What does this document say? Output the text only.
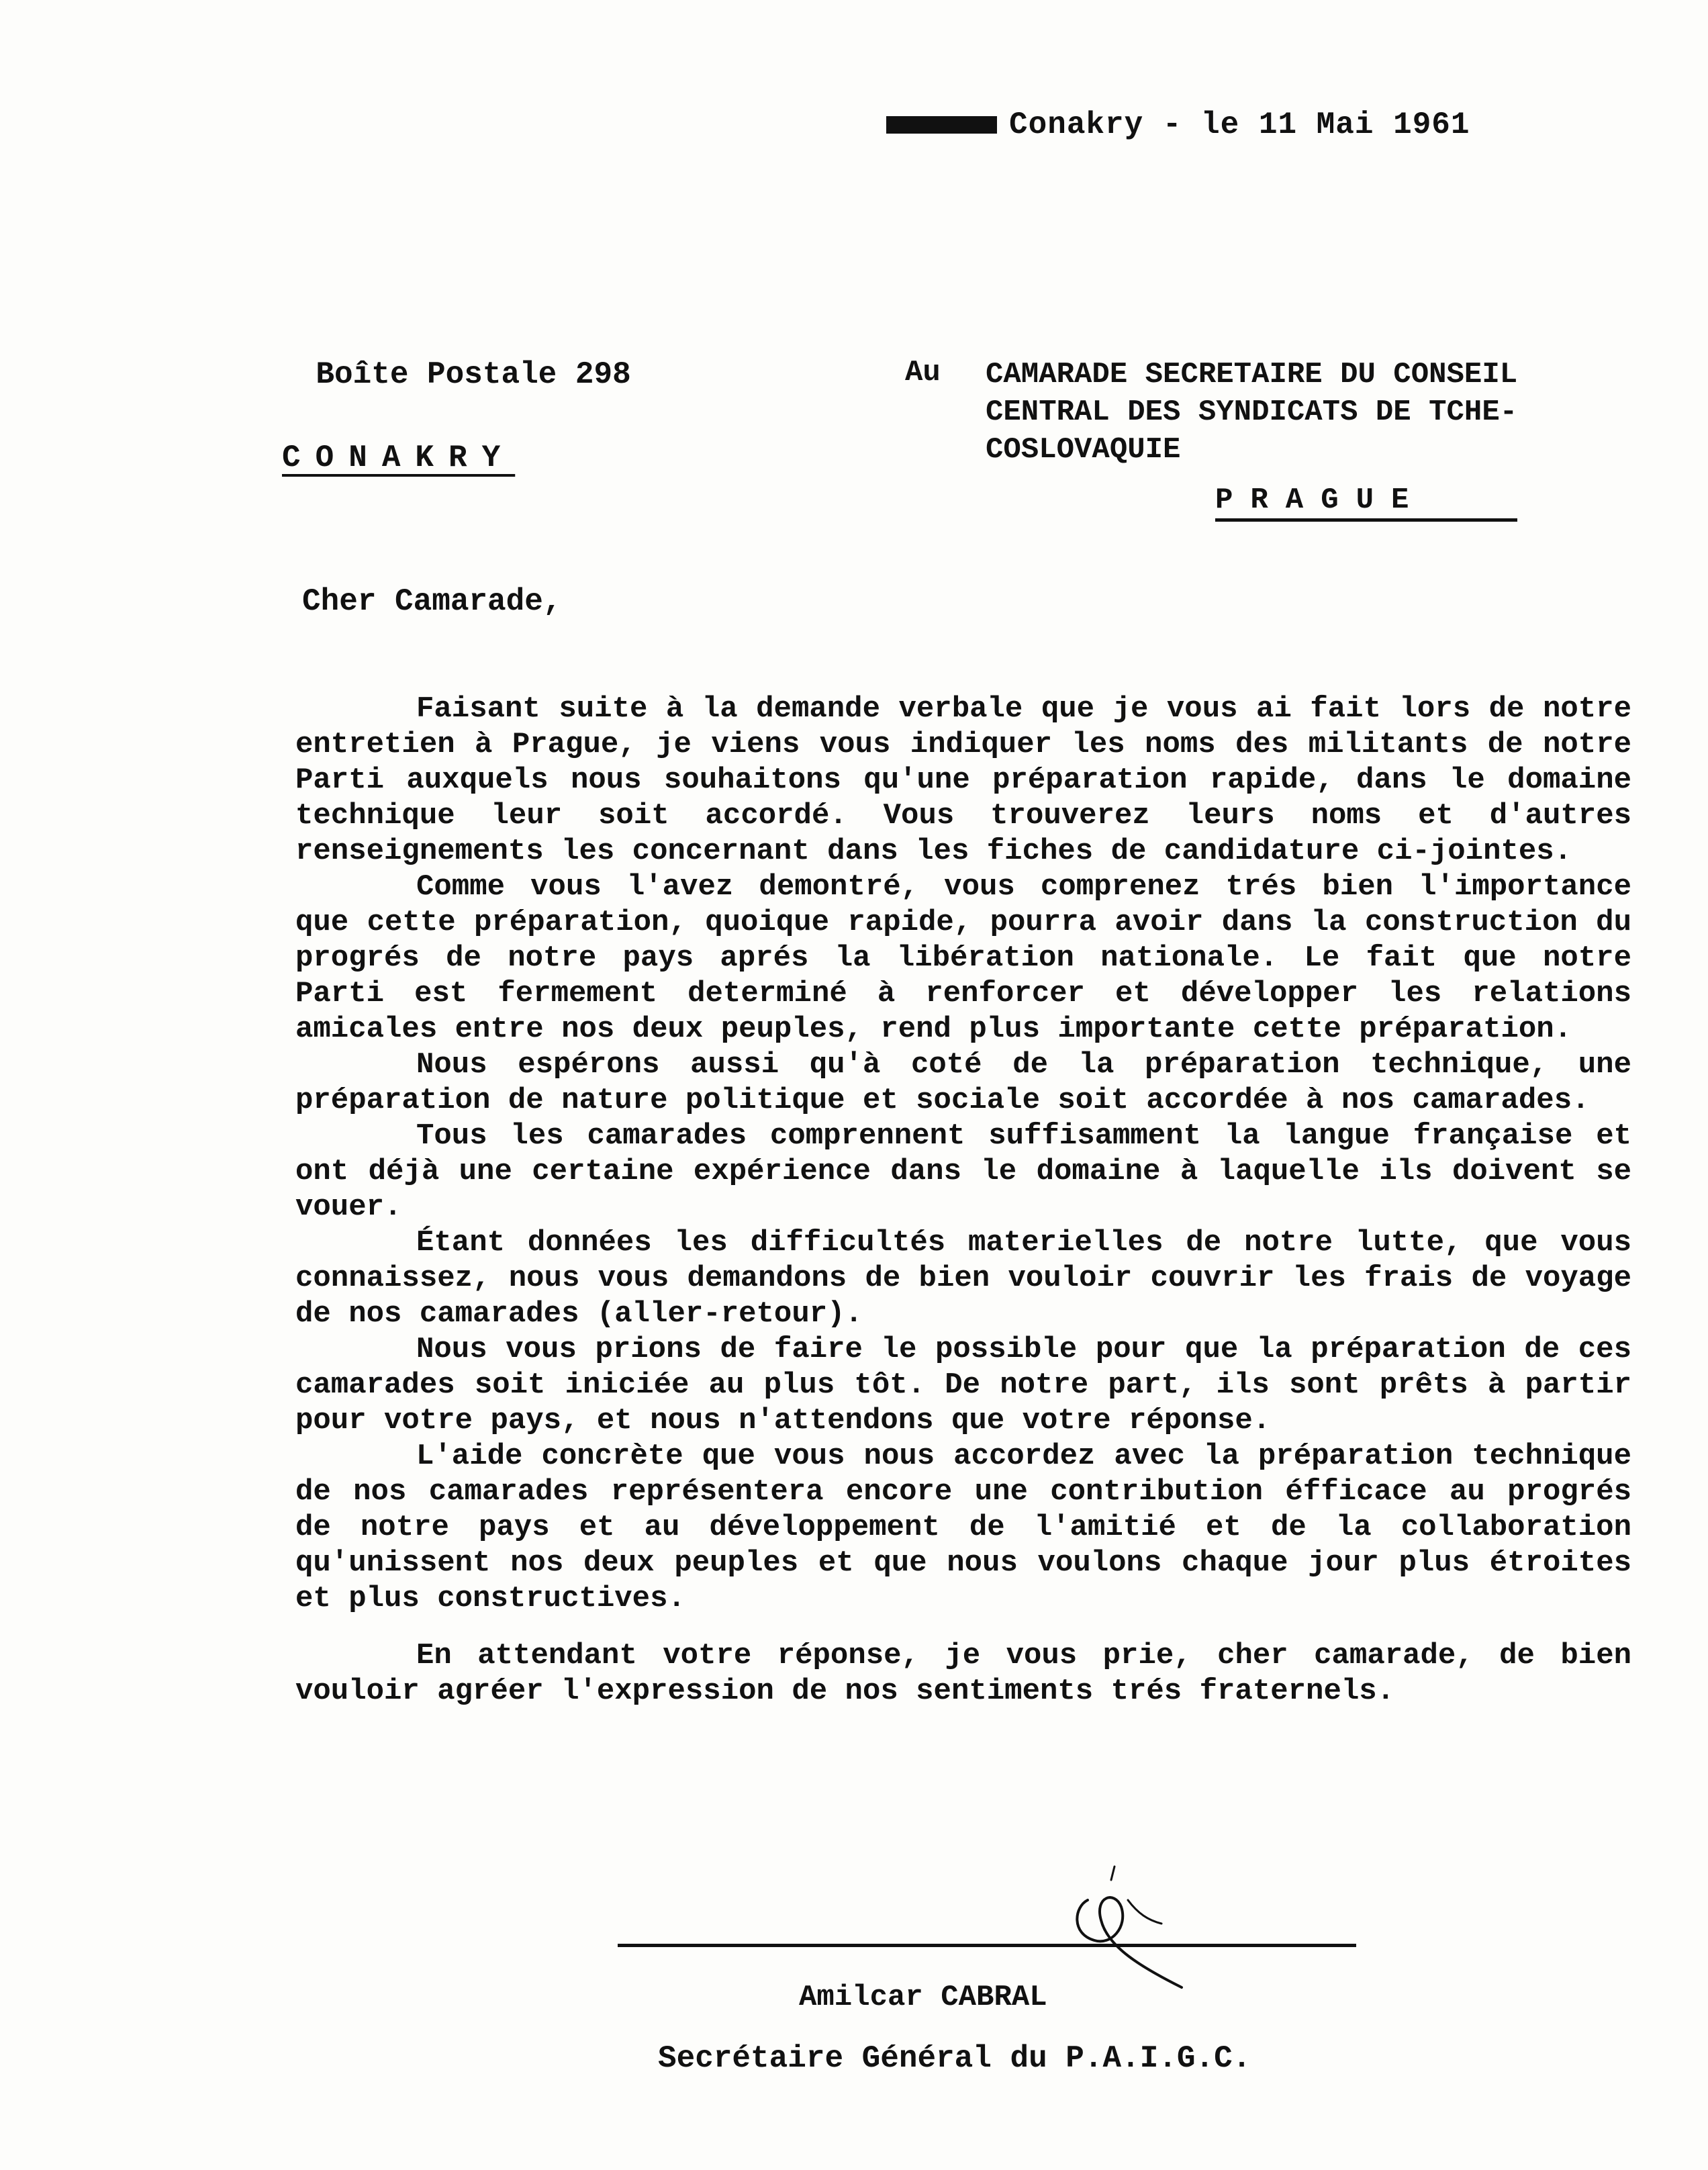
Conakry - le 11 Mai 1961

Boîte Postale 298

CONAKRY

Au CAMARADE SECRETAIRE DU CONSEIL
CENTRAL DES SYNDICATS DE TCHE-
COSLOVAQUIE
PRAGUE
Cher Camarade,

Faisant suite à la demande verbale que je vous ai fait lors de notre entretien à Prague, je viens vous indiquer les noms des militants de notre Parti auxquels nous souhaitons qu'une préparation rapide, dans le domaine technique leur soit accordé. Vous trouverez leurs noms et d'autres renseignements les concernant dans les fiches de candidature ci-jointes.

Comme vous l'avez demontré, vous comprenez trés bien l'importance que cette préparation, quoique rapide, pourra avoir dans la construction du progrés de notre pays aprés la libération nationale. Le fait que notre Parti est fermement determiné à renforcer et développer les relations amicales entre nos deux peuples, rend plus importante cette préparation.

Nous espérons aussi qu'à coté de la préparation technique, une préparation de nature politique et sociale soit accordée à nos camarades.

Tous les camarades comprennent suffisamment la langue française et ont déjà une certaine expérience dans le domaine à laquelle ils doivent se vouer.

Étant données les difficultés materielles de notre lutte, que vous connaissez, nous vous demandons de bien vouloir couvrir les frais de voyage de nos camarades (aller-retour).

Nous vous prions de faire le possible pour que la préparation de ces camarades soit iniciée au plus tôt. De notre part, ils sont prêts à partir pour votre pays, et nous n'attendons que votre réponse.

L'aide concrète que vous nous accordez avec la préparation technique de nos camarades représentera encore une contribution éfficace au progrés de notre pays et au développement de l'amitié et de la collaboration qu'unissent nos deux peuples et que nous voulons chaque jour plus étroites et plus constructives.

En attendant votre réponse, je vous prie, cher camarade, de bien vouloir agréer l'expression de nos sentiments trés fraternels.

Amilcar CABRAL
Secrétaire Général du P.A.I.G.C.
